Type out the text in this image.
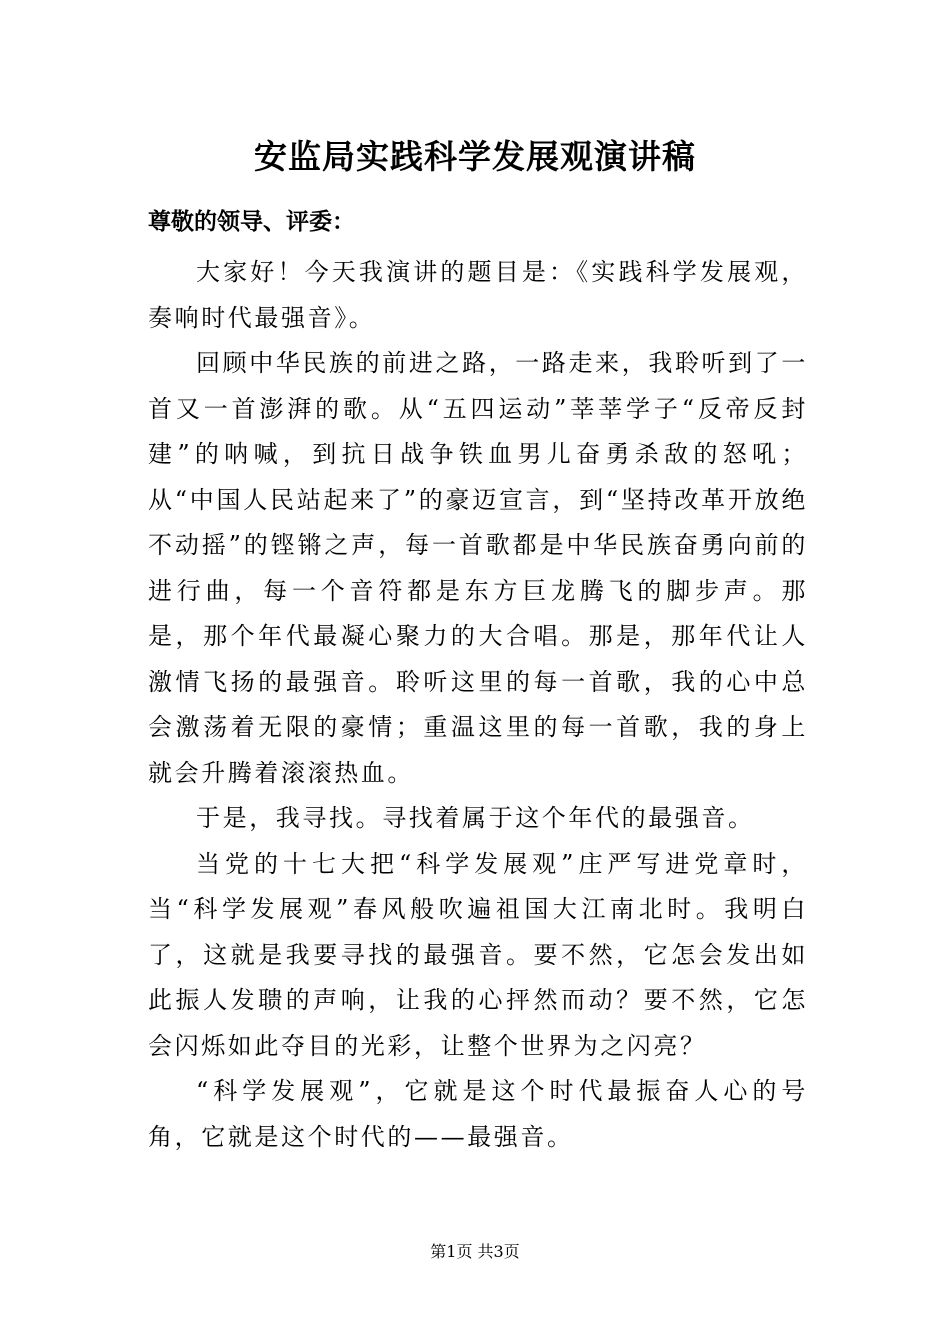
安监局实践科学发展观演讲稿
尊敬的领导、评委：

大家好！今天我演讲的题目是：《实践科学发展观，奏响时代最强音》。

回顾中华民族的前进之路，一路走来，我聆听到了一首又一首澎湃的歌。从“五四运动”莘莘学子“反帝反封建”的呐喊，到抗日战争铁血男儿奋勇杀敌的怒吼；从“中国人民站起来了”的豪迈宣言，到“坚持改革开放绝不动摇”的铿锵之声，每一首歌都是中华民族奋勇向前的进行曲，每一个音符都是东方巨龙腾飞的脚步声。那是，那个年代最凝心聚力的大合唱。那是，那年代让人激情飞扬的最强音。聆听这里的每一首歌，我的心中总会激荡着无限的豪情；重温这里的每一首歌，我的身上就会升腾着滚滚热血。

于是，我寻找。寻找着属于这个年代的最强音。

当党的十七大把“科学发展观”庄严写进党章时，当“科学发展观”春风般吹遍祖国大江南北时。我明白了，这就是我要寻找的最强音。要不然，它怎会发出如此振人发聩的声响，让我的心抨然而动？要不然，它怎会闪烁如此夺目的光彩，让整个世界为之闪亮？

“科学发展观”，它就是这个时代最振奋人心的号角，它就是这个时代的——最强音。

第1页 共3页
